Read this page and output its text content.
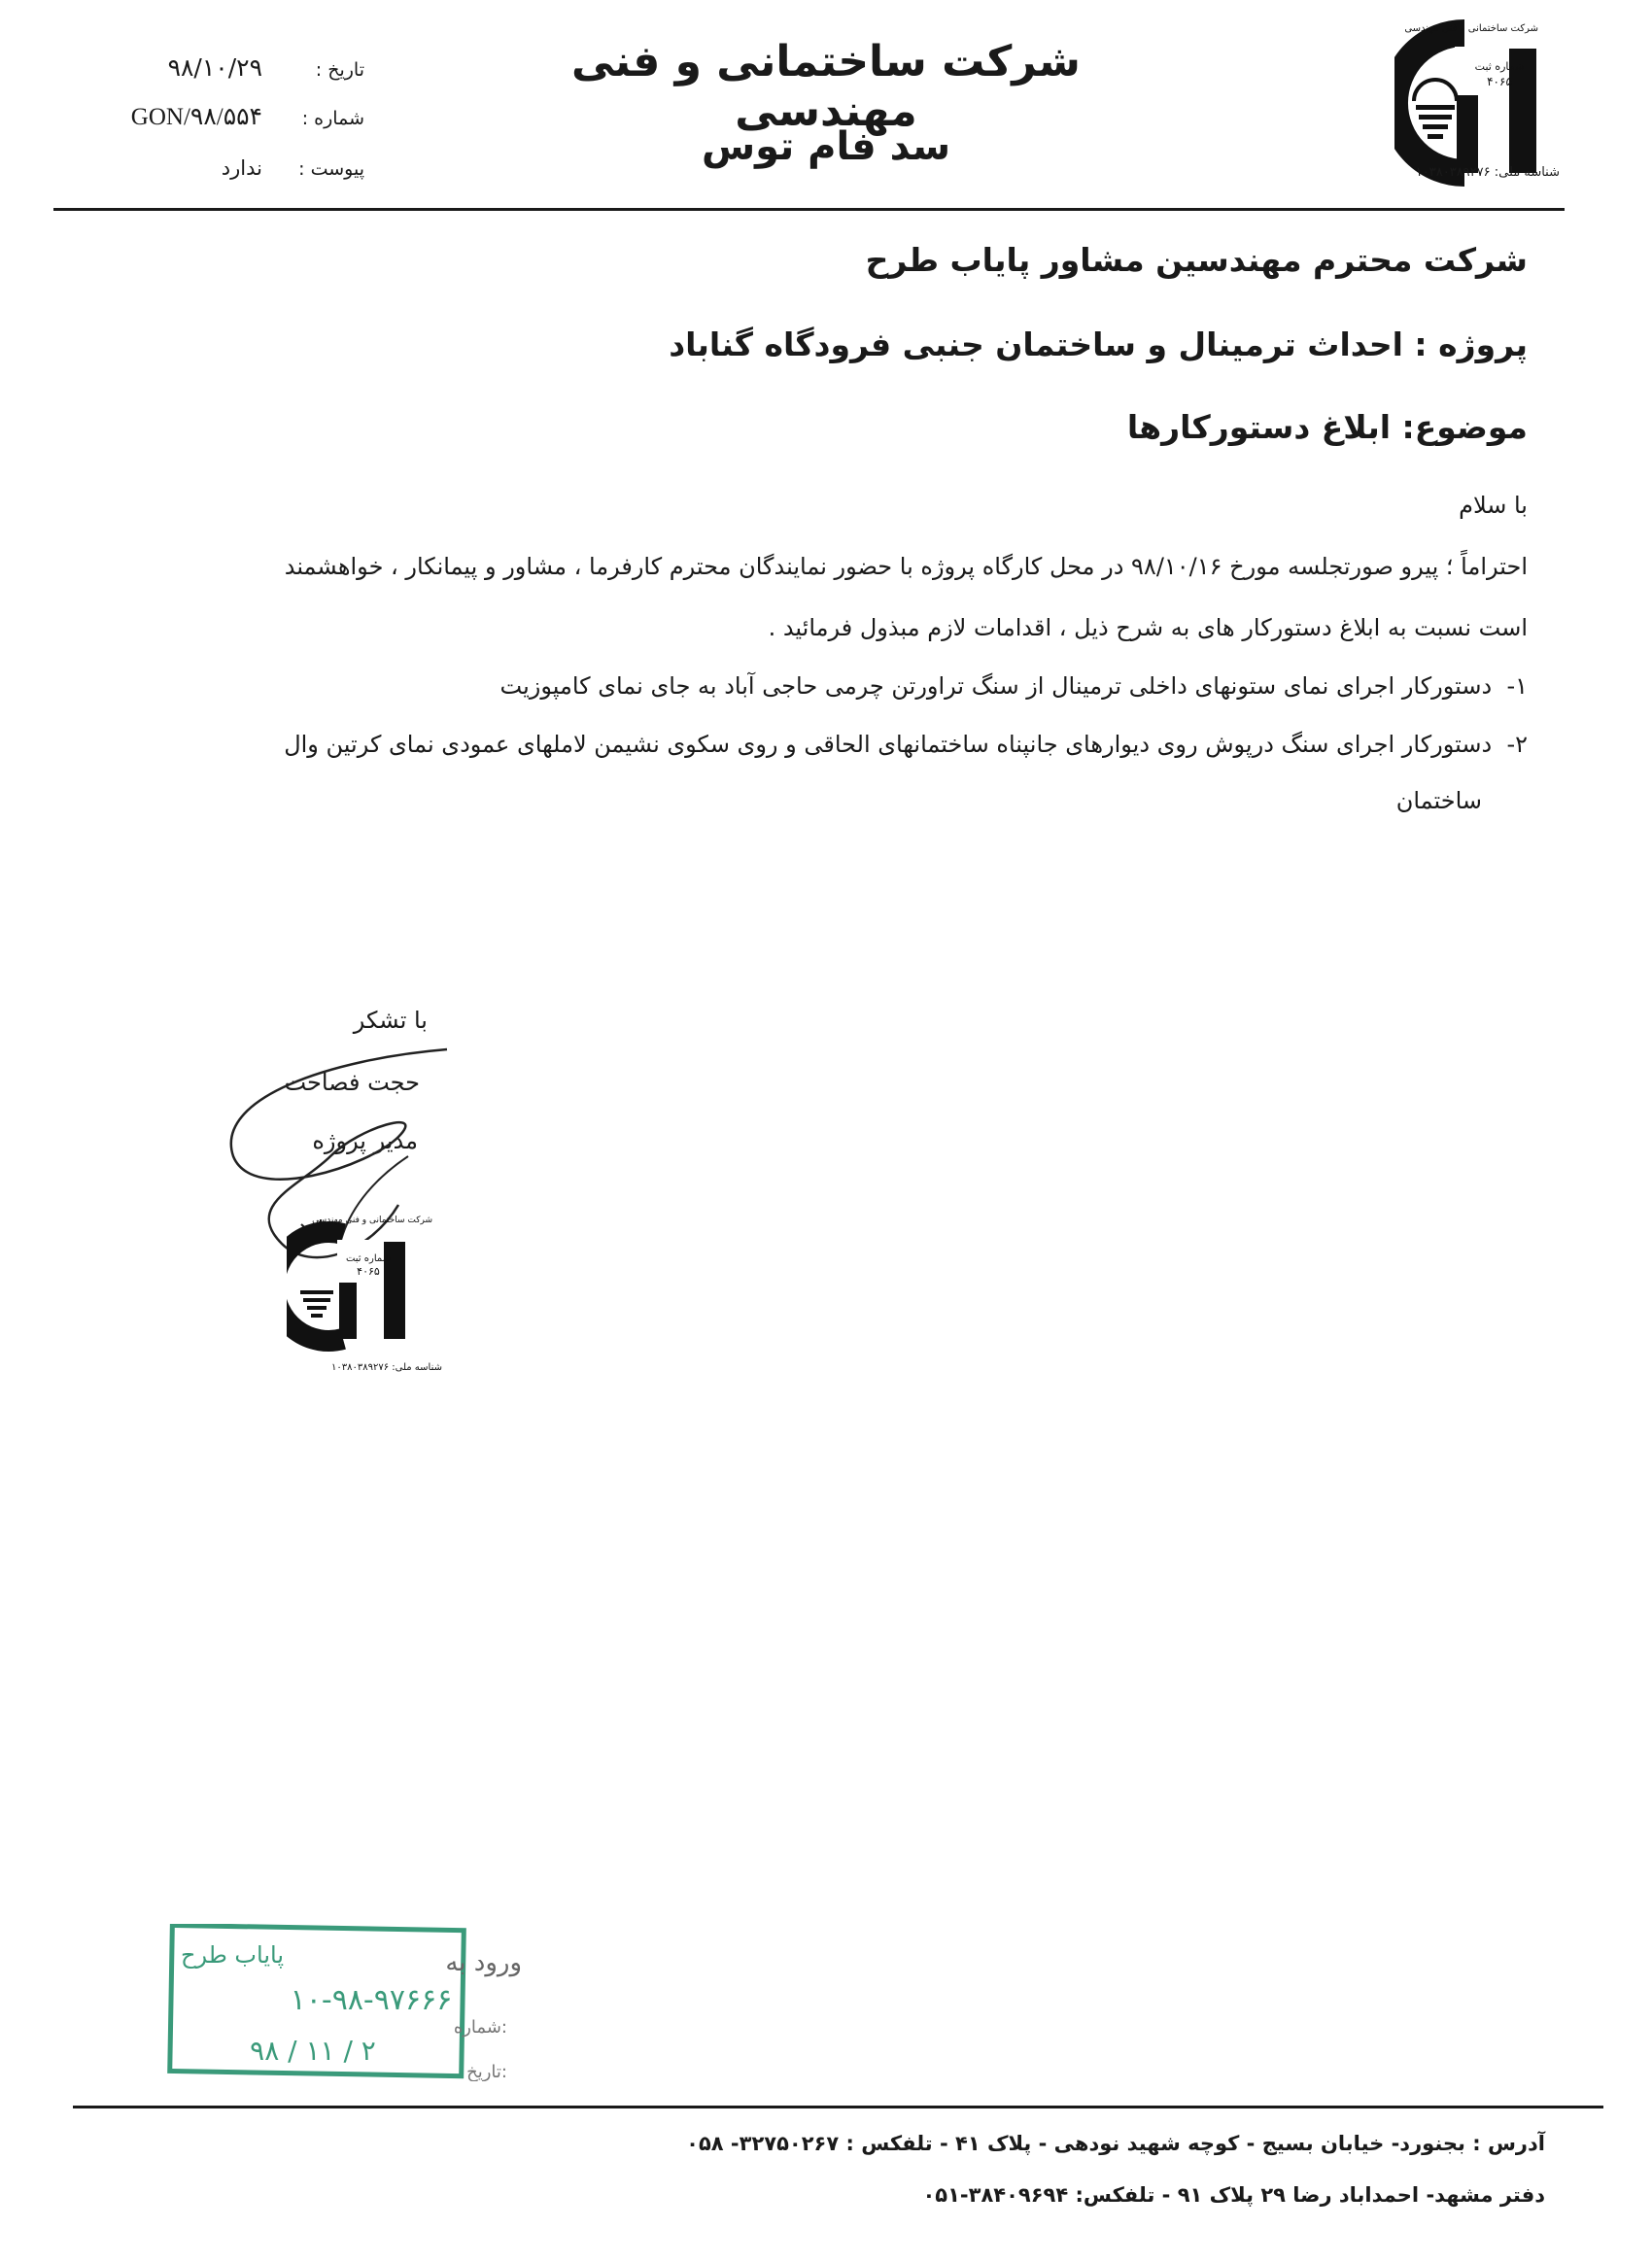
شرکت ساختمانی و فنی مهندسی
سد فام توس
تاریخ :
۹۸/۱۰/۲۹
شماره :
GON/۹۸/۵۵۴
پیوست :
ندارد
شرکت ساختمانی و فنی مهندسی
شماره ثبت
۴۰۶۵
شناسه ملی: ۱۰۳۸۰۳۸۹۲۷۶
شرکت محترم مهندسین مشاور پایاب طرح
پروژه : احداث ترمینال و ساختمان جنبی فرودگاه گناباد
موضوع: ابلاغ دستورکارها
با سلام
احتراماً ؛ پیرو صورتجلسه مورخ ۹۸/۱۰/۱۶ در محل کارگاه پروژه با حضور نمایندگان محترم کارفرما ، مشاور و پیمانکار ، خواهشمند
است نسبت به ابلاغ دستورکار های به شرح ذیل ، اقدامات لازم مبذول فرمائید .
۱-  دستورکار اجرای نمای ستونهای داخلی ترمینال از سنگ تراورتن چرمی حاجی آباد به جای نمای کامپوزیت
۲-  دستورکار اجرای سنگ درپوش روی دیوارهای جانپناه ساختمانهای الحاقی و روی سکوی نشیمن لاملهای عمودی نمای کرتین وال
ساختمان
با تشکر
حجت فصاحت
مدیر پروژه
شرکت ساختمانی و فنی مهندسی
شماره ثبت
۴۰۶۵
شناسه ملی: ۱۰۳۸۰۳۸۹۲۷۶
پایاب طرح	ورود به
شماره:
تاریخ:
۱۰-۹۸-۹۷۶۶۶
۹۸ / ۱۱ / ۲
آدرس : بجنورد- خیابان بسیج - کوچه شهید نودهی - پلاک ۴۱ - تلفکس : ۳۲۷۵۰۲۶۷- ۰۵۸
دفتر مشهد- احمداباد رضا ۲۹ پلاک ۹۱ - تلفکس: ۳۸۴۰۹۶۹۴-۰۵۱
